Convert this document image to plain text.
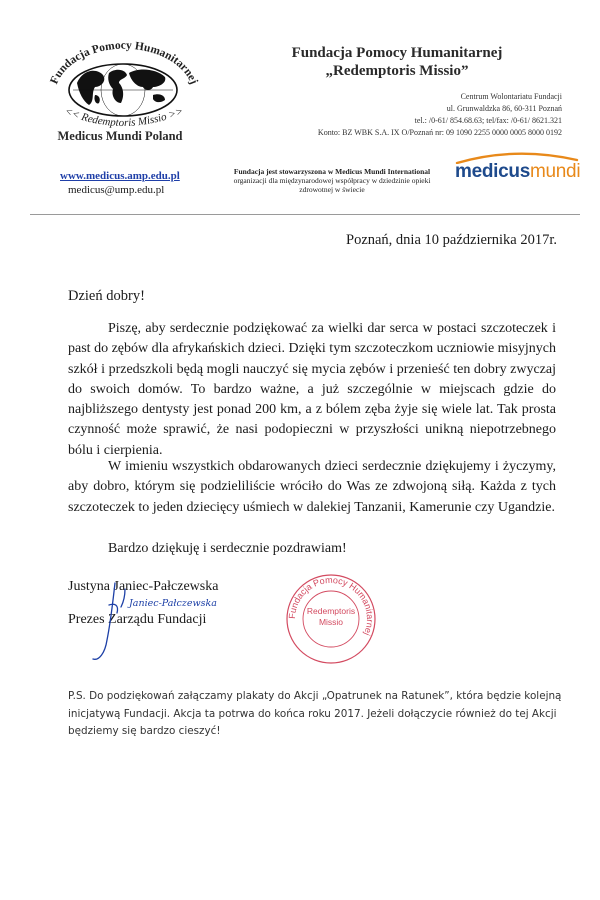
Fundacja Pomocy Humanitarnej
<< Redemptoris Missio >>
Medicus Mundi Poland
Fundacja Pomocy Humanitarnej
„Redemptoris Missio”
Centrum Wolontariatu Fundacji
ul. Grunwaldzka 86, 60-311 Poznań
tel.: /0-61/ 854.68.63; tel/fax: /0-61/ 8621.321
Konto: BZ WBK S.A. IX O/Poznań nr: 09 1090 2255 0000 0005 8000 0192
www.medicus.amp.edu.pl
medicus@ump.edu.pl
Fundacja jest stowarzyszona w Medicus Mundi International
organizacji dla międzynarodowej współpracy w dziedzinie opieki zdrowotnej w świecie
medicusmundi
Poznań, dnia 10 października 2017r.
Dzień dobry!

Piszę, aby serdecznie podziękować za wielki dar serca w postaci szczoteczek i past do zębów dla afrykańskich dzieci. Dzięki tym szczoteczkom uczniowie misyjnych szkół i przedszkoli będą mogli nauczyć się mycia zębów i przenieść ten dobry zwyczaj do swoich domów. To bardzo ważne, a już szczególnie w miejscach gdzie do najbliższego dentysty jest ponad 200 km, a z bólem zęba żyje się wiele lat. Tak prosta czynność może sprawić, że nasi podopieczni w przyszłości unikną niepotrzebnego bólu i cierpienia.

W imieniu wszystkich obdarowanych dzieci serdecznie dziękujemy i życzymy, aby dobro, którym się podzieliliście wróciło do Was ze zdwojoną siłą. Każda z tych szczoteczek to jeden dziecięcy uśmiech w dalekiej Tanzanii, Kamerunie czy Ugandzie.

Bardzo dziękuję i serdecznie pozdrawiam!
Justyna Janiec-Pałczewska
Prezes Zarządu Fundacji
Janiec-Pałczewska
Fundacja Pomocy Humanitarnej
Redemptoris
Missio
P.S. Do podziękowań załączamy plakaty do Akcji „Opatrunek na Ratunek”, która będzie kolejną inicjatywą Fundacji. Akcja ta potrwa do końca roku 2017. Jeżeli dołączycie również do tej Akcji będziemy się bardzo cieszyć!
